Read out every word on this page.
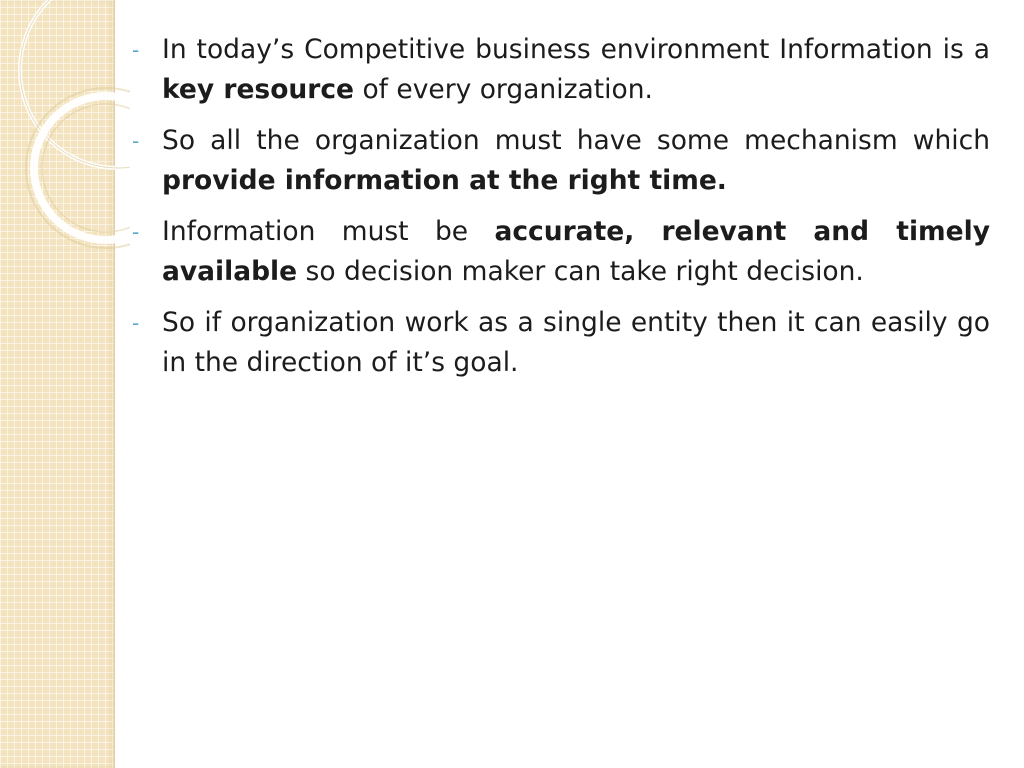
- In today’s Competitive business environment Information is a key resource of every organization.
- So all the organization must have some mechanism which provide information at the right time.
- Information must be accurate, relevant and timely available so decision maker can take right decision.
- So if organization work as a single entity then it can easily go in the direction of it’s goal.
